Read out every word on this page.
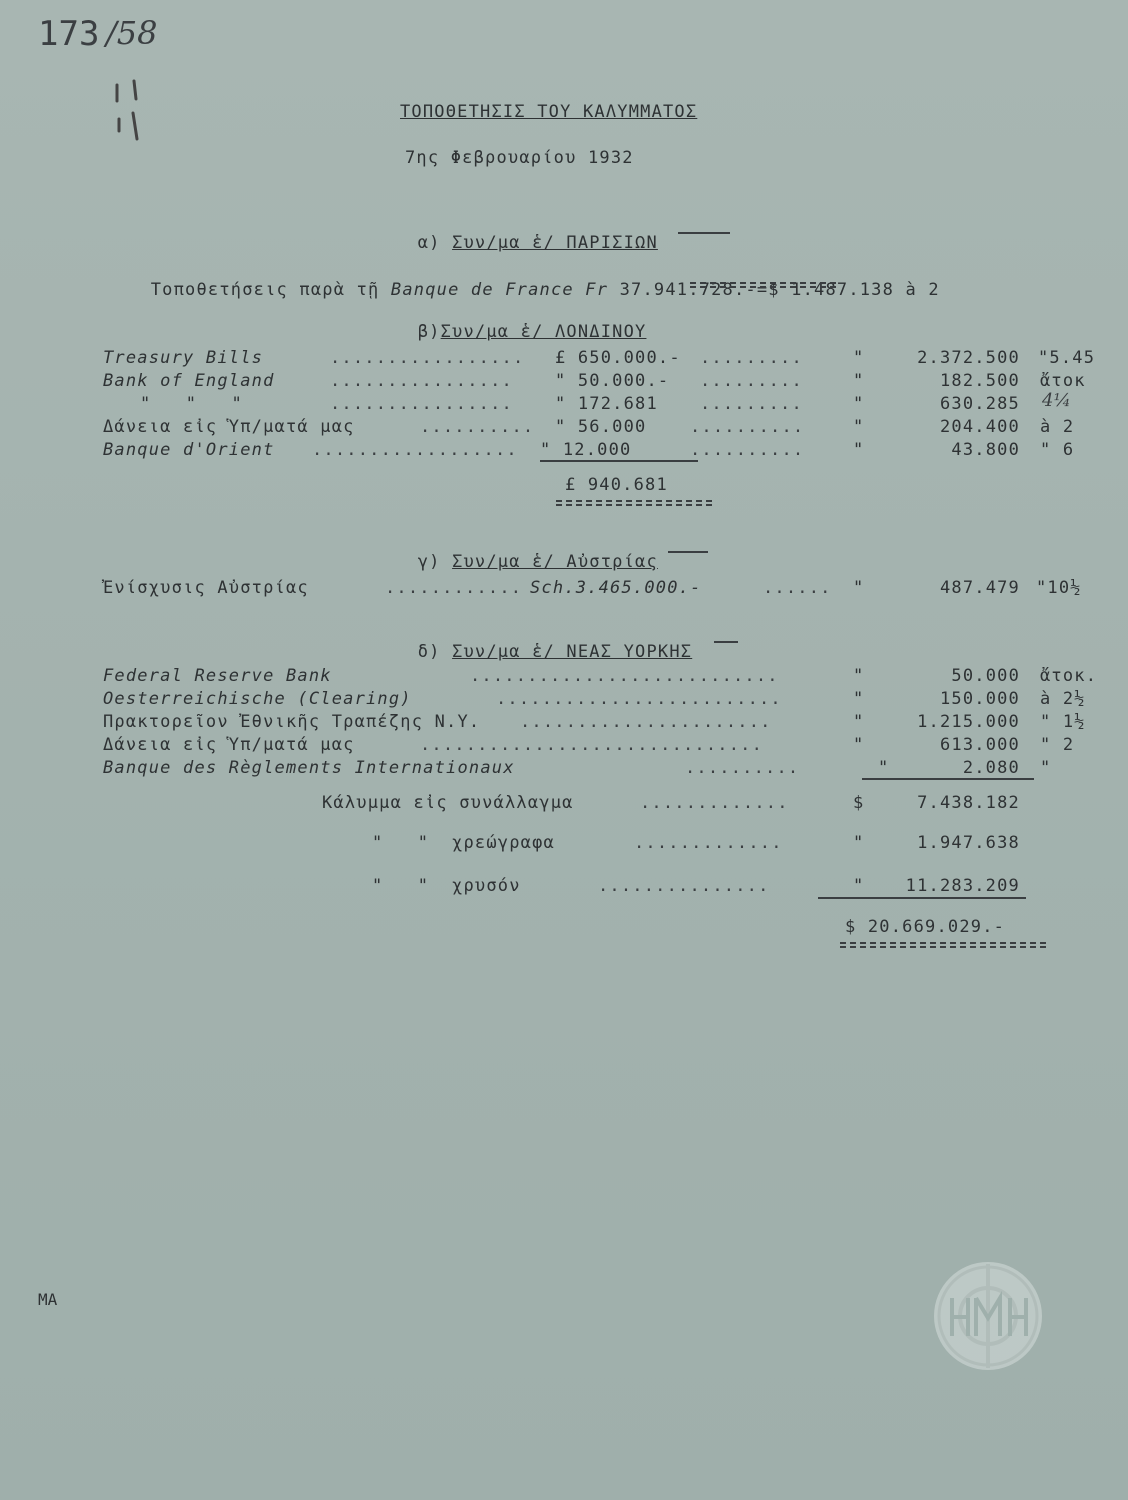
173 /58

ΤΟΠΟΘΕΤΗΣΙΣ ΤΟΥ ΚΑΛΥΜΜΑΤΟΣ
7ης Φεβρουαρίου 1932

α) Συν/μα ἑ/ ΠΑΡΙΣΙΩΝ

Τοποθετήσεις παρὰ τῇ Banque de France Fr 37.941.728.-=$ 1.487.138 à 2

β)Συν/μα ἑ/ ΛΟΝΔΙΝΟΥ

Treasury Bills	................. £ 650.000.- .........	"	2.372.500 "5.45
Bank of England	................ " 50.000.- .........	"	182.500 ἄτοκ
"   "   "	................ " 172.681 .........	"	630.285 4¼
Δάνεια εἰς Ὑπ/ματά μας	.......... " 56.000	..........	"	204.400 à 2
Banque d'Orient .................. " 12.000	..........	"	43.800 " 6
£ 940.681

γ) Συν/μα ἑ/ Αὐστρίας

Ἐνίσχυσις Αὐστρίας	............ Sch.3.465.000.-	...... "	487.479 "10½

δ) Συν/μα ἑ/ ΝΕΑΣ ΥΟΡΚΗΣ

Federal Reserve Bank	...........................	"	50.000 ἄτοκ.
Oesterreichische (Clearing)	.........................	"	150.000 à 2½
Πρακτορεῖον Ἐθνικῆς Τραπέζης Ν.Υ. ......................	"	1.215.000 " 1½
Δάνεια εἰς Ὑπ/ματά μας	..............................	"	613.000 " 2
Banque des Règlements Internationaux	..........	"	2.080 "
Κάλυμμα εἰς συνάλλαγμα	.............	$	7.438.182
"   "  χρεώγραφα	.............	"	1.947.638
"   "  χρυσόν	...............	"	11.283.209
$ 20.669.029.-
MA
